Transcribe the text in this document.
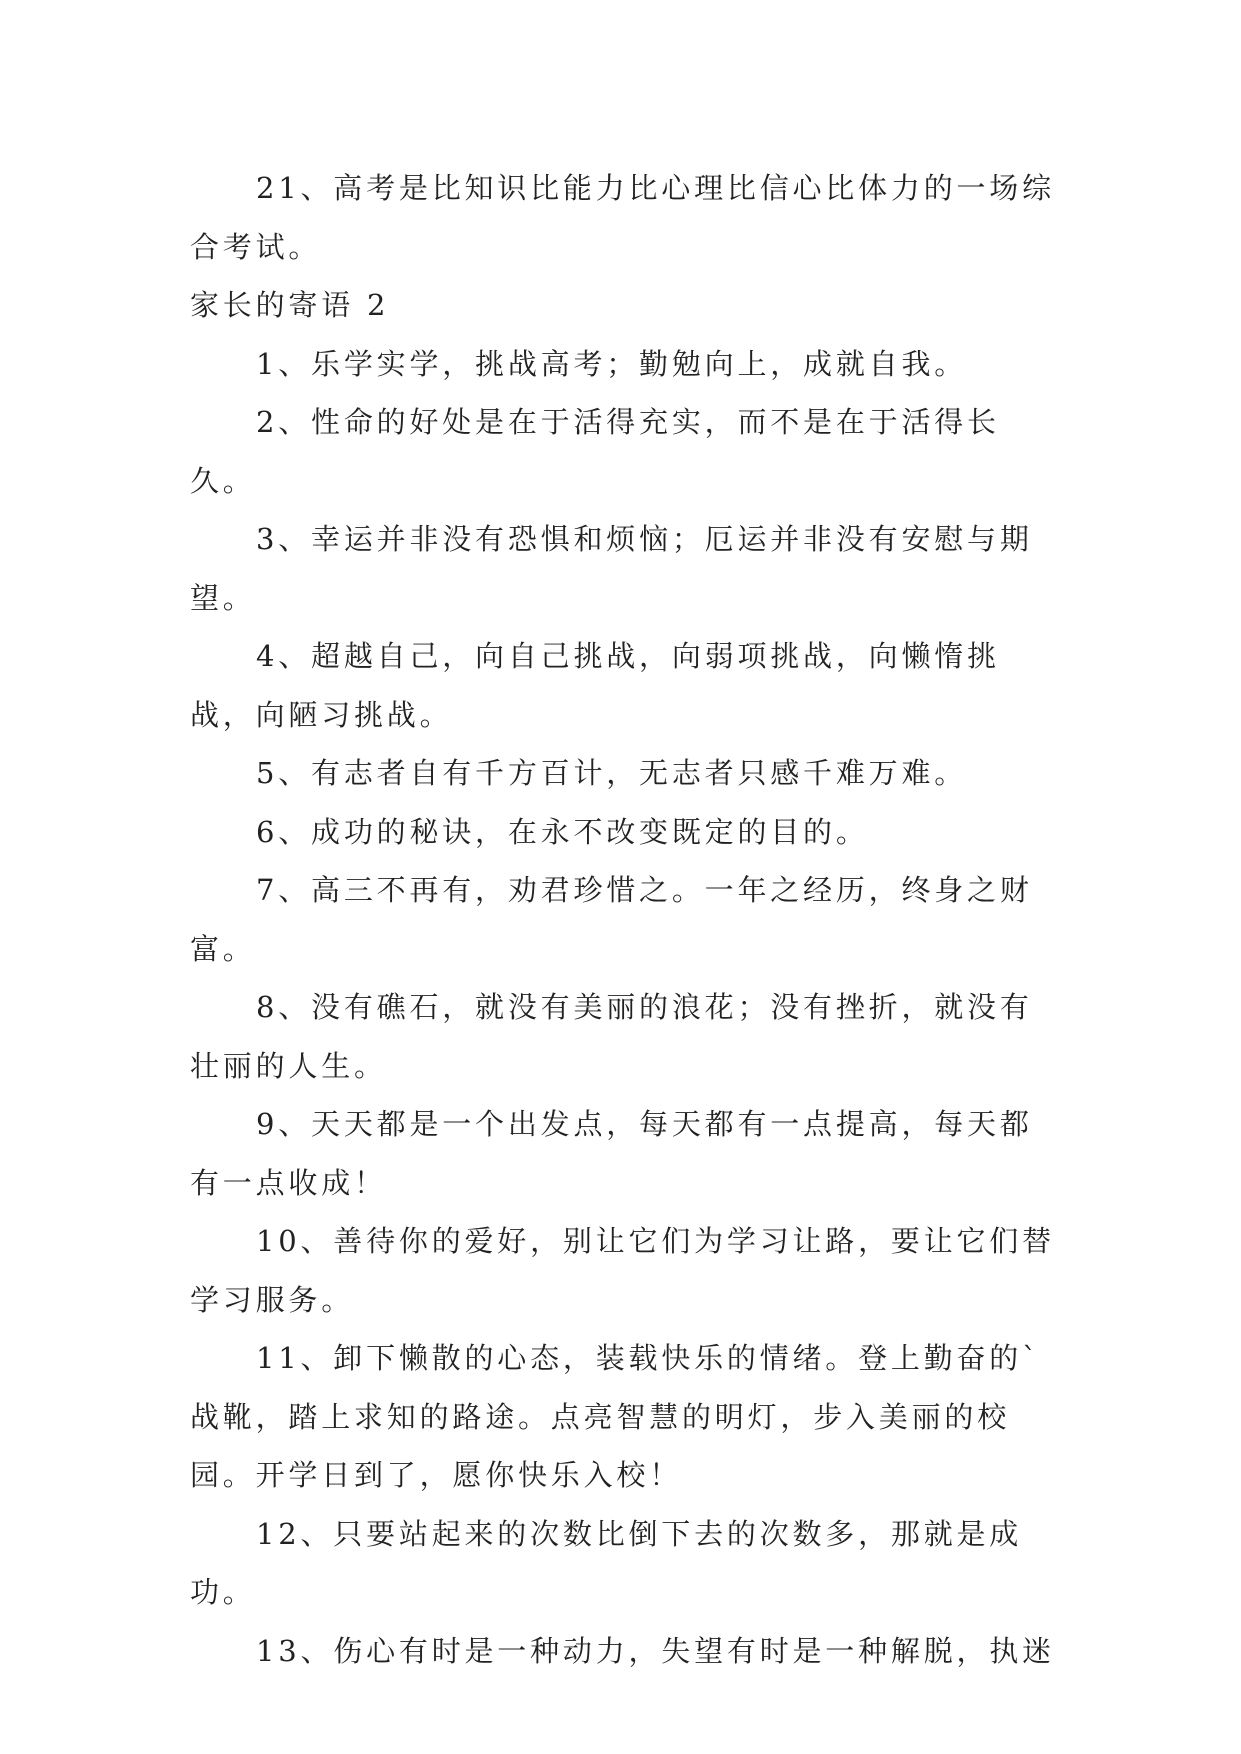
21、高考是比知识比能力比心理比信心比体力的一场综合考试。

家长的寄语 2

1、乐学实学，挑战高考；勤勉向上，成就自我。

2、性命的好处是在于活得充实，而不是在于活得长久。

3、幸运并非没有恐惧和烦恼；厄运并非没有安慰与期望。

4、超越自己，向自己挑战，向弱项挑战，向懒惰挑战，向陋习挑战。

5、有志者自有千方百计，无志者只感千难万难。

6、成功的秘诀，在永不改变既定的目的。

7、高三不再有，劝君珍惜之。一年之经历，终身之财富。

8、没有礁石，就没有美丽的浪花；没有挫折，就没有壮丽的人生。

9、天天都是一个出发点，每天都有一点提高，每天都有一点收成！

10、善待你的爱好，别让它们为学习让路，要让它们替学习服务。

11、卸下懒散的心态，装载快乐的情绪。登上勤奋的`战靴，踏上求知的路途。点亮智慧的明灯，步入美丽的校园。开学日到了，愿你快乐入校！

12、只要站起来的次数比倒下去的次数多，那就是成功。

13、伤心有时是一种动力，失望有时是一种解脱，执迷
